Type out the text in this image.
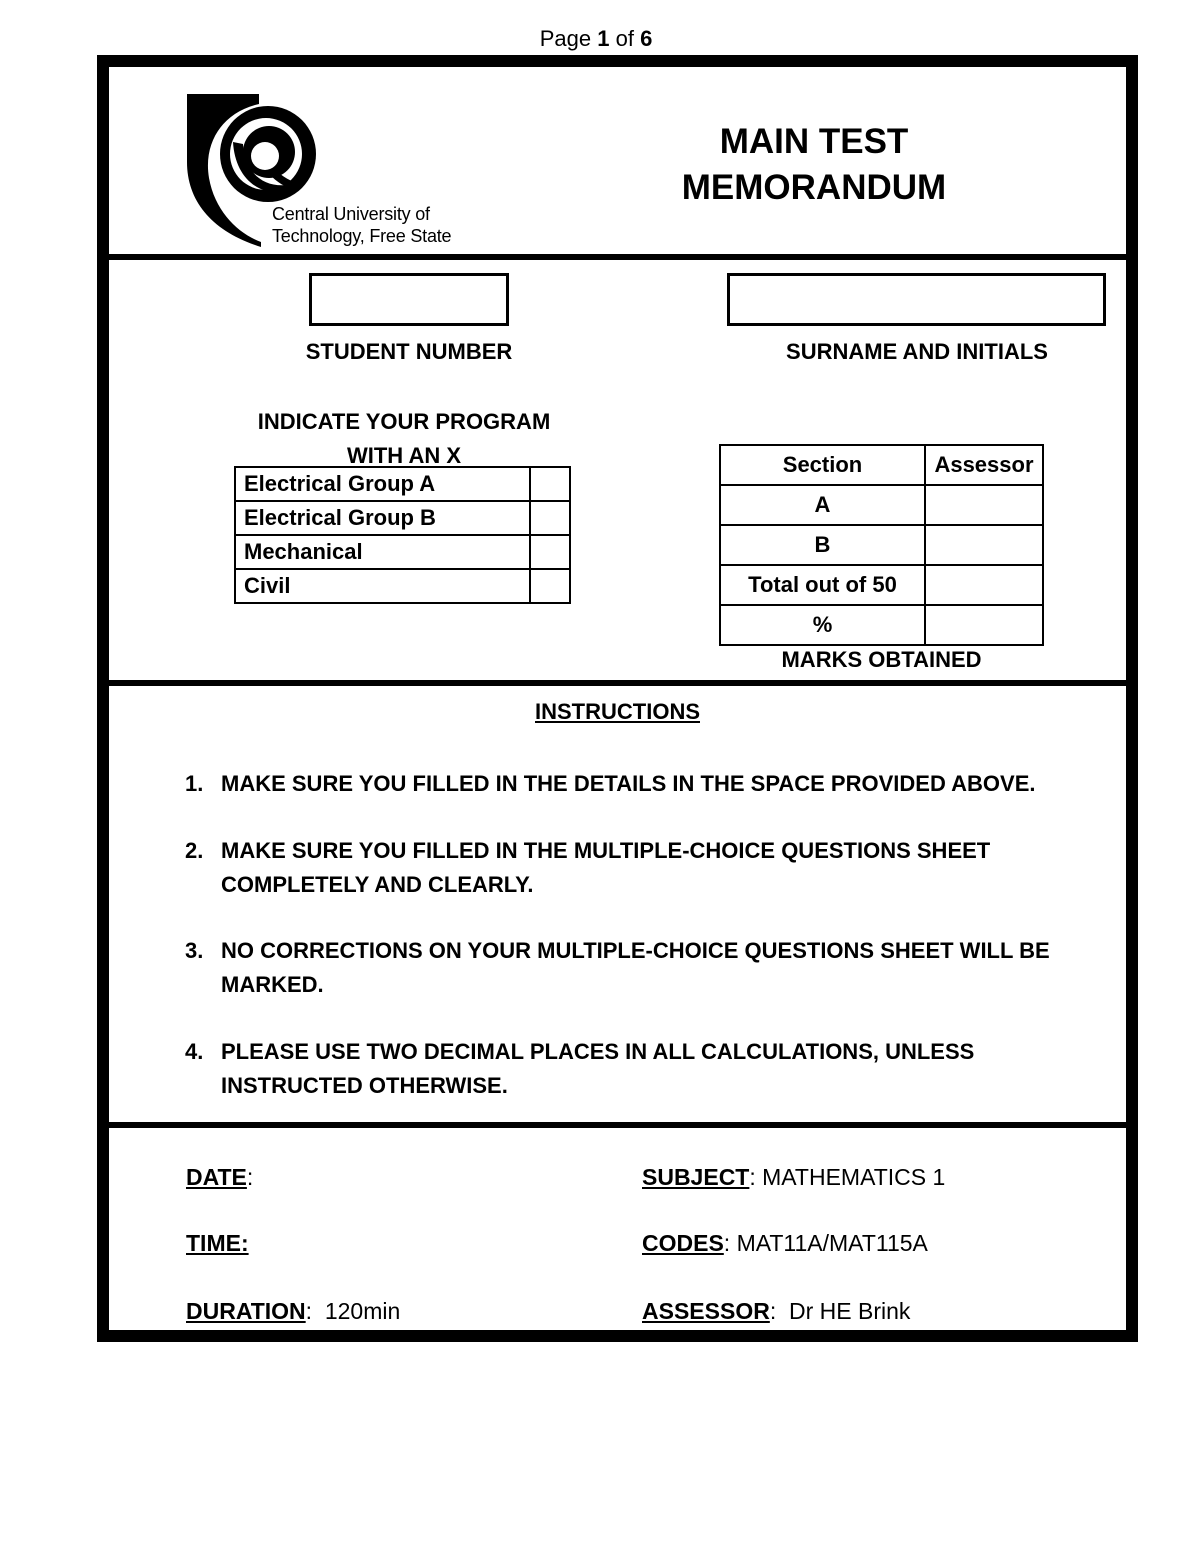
Page 1 of 6
Central University of
Technology, Free State
MAIN TEST
MEMORANDUM
STUDENT NUMBER	SURNAME AND INITIALS
INDICATE YOUR PROGRAM
WITH AN X
Electrical Group A	
Electrical Group B	
Mechanical	
Civil	
Section	Assessor
A	
B	
Total out of 50	
%	
MARKS OBTAINED
INSTRUCTIONS
1. MAKE SURE YOU FILLED IN THE DETAILS IN THE SPACE PROVIDED ABOVE.
2. MAKE SURE YOU FILLED IN THE MULTIPLE-CHOICE QUESTIONS SHEET
COMPLETELY AND CLEARLY.
3. NO CORRECTIONS ON YOUR MULTIPLE-CHOICE QUESTIONS SHEET WILL BE
MARKED.
4. PLEASE USE TWO DECIMAL PLACES IN ALL CALCULATIONS, UNLESS
INSTRUCTED OTHERWISE.
DATE:
TIME:
DURATION: 120min
SUBJECT: MATHEMATICS 1
CODES: MAT11A/MAT115A
ASSESSOR: Dr HE Brink
